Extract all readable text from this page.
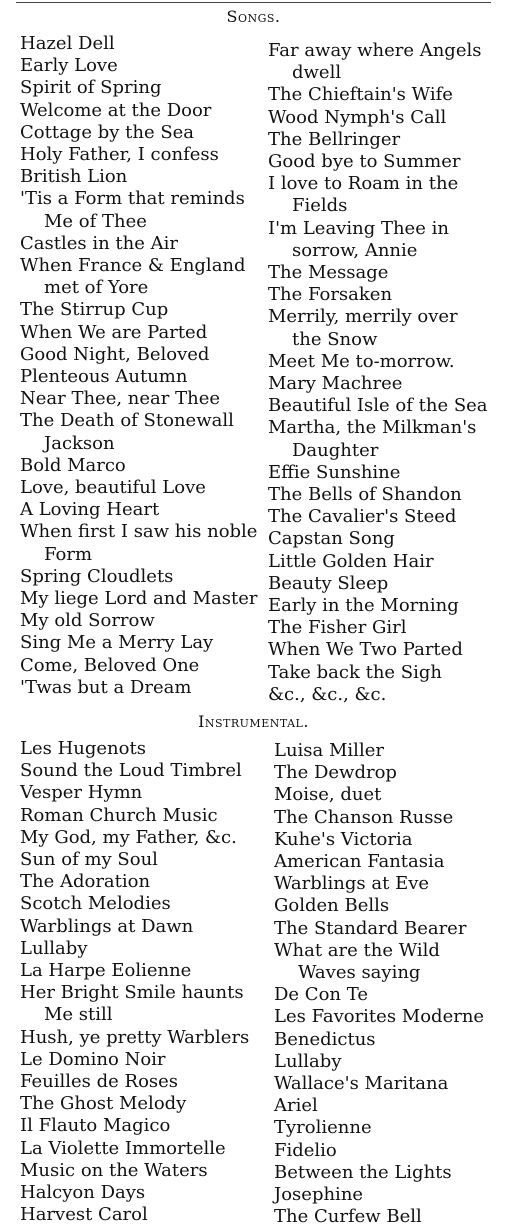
Songs.
Hazel Dell
Early Love
Spirit of Spring
Welcome at the Door
Cottage by the Sea
Holy Father, I confess
British Lion
'Tis a Form that reminds
Me of Thee
Castles in the Air
When France & England
met of Yore
The Stirrup Cup
When We are Parted
Good Night, Beloved
Plenteous Autumn
Near Thee, near Thee
The Death of Stonewall
Jackson
Bold Marco
Love, beautiful Love
A Loving Heart
When first I saw his noble
Form
Spring Cloudlets
My liege Lord and Master
My old Sorrow
Sing Me a Merry Lay
Come, Beloved One
'Twas but a Dream
Far away where Angels
dwell
The Chieftain's Wife
Wood Nymph's Call
The Bellringer
Good bye to Summer
I love to Roam in the
Fields
I'm Leaving Thee in
sorrow, Annie
The Message
The Forsaken
Merrily, merrily over
the Snow
Meet Me to-morrow.
Mary Machree
Beautiful Isle of the Sea
Martha, the Milkman's
Daughter
Effie Sunshine
The Bells of Shandon
The Cavalier's Steed
Capstan Song
Little Golden Hair
Beauty Sleep
Early in the Morning
The Fisher Girl
When We Two Parted
Take back the Sigh
&c., &c., &c.
Instrumental.
Les Hugenots
Sound the Loud Timbrel
Vesper Hymn
Roman Church Music
My God, my Father, &c.
Sun of my Soul
The Adoration
Scotch Melodies
Warblings at Dawn
Lullaby
La Harpe Eolienne
Her Bright Smile haunts
Me still
Hush, ye pretty Warblers
Le Domino Noir
Feuilles de Roses
The Ghost Melody
Il Flauto Magico
La Violette Immortelle
Music on the Waters
Halcyon Days
Harvest Carol
Luisa Miller
The Dewdrop
Moise, duet
The Chanson Russe
Kuhe's Victoria
American Fantasia
Warblings at Eve
Golden Bells
The Standard Bearer
What are the Wild
Waves saying
De Con Te
Les Favorites Moderne
Benedictus
Lullaby
Wallace's Maritana
Ariel
Tyrolienne
Fidelio
Between the Lights
Josephine
The Curfew Bell
